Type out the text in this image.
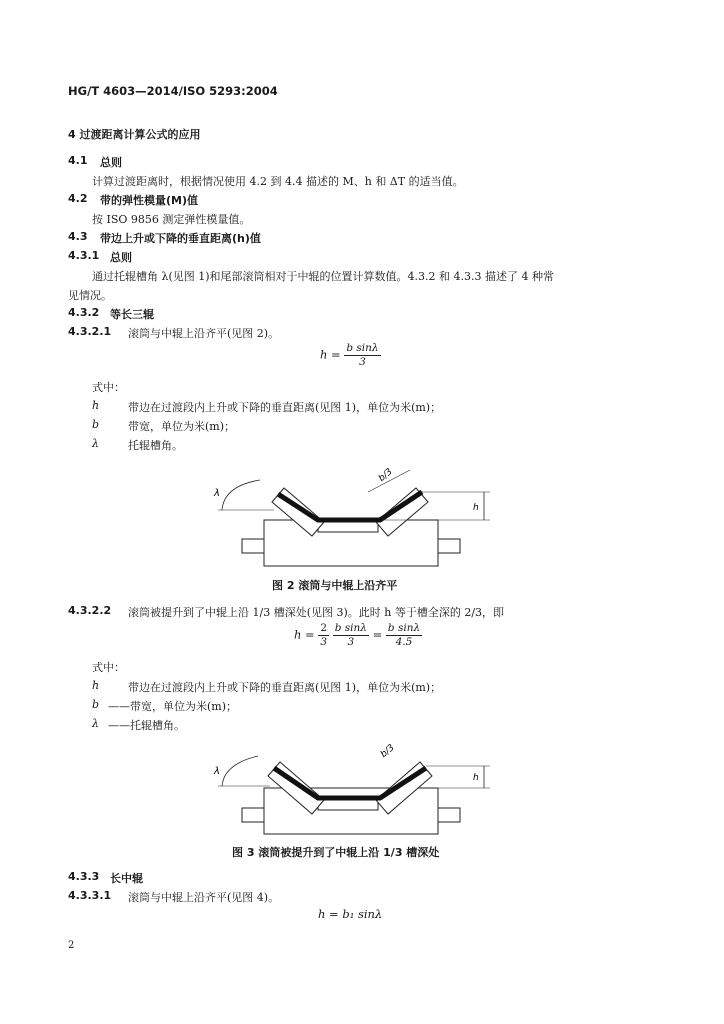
HG/T 4603—2014/ISO 5293:2004
4 过渡距离计算公式的应用
4.1 总则
计算过渡距离时，根据情况使用 4.2 到 4.4 描述的 M、h 和 ΔT 的适当值。
4.2 带的弹性模量(M)值
按 ISO 9856 测定弹性模量值。
4.3 带边上升或下降的垂直距离(h)值
4.3.1 总则
通过托辊槽角 λ(见图 1)和尾部滚筒相对于中辊的位置计算数值。4.3.2 和 4.3.3 描述了 4 种常
见情况。
4.3.2 等长三辊
4.3.2.1 滚筒与中辊上沿齐平(见图 2)。
$h = \frac{\text{b sinλ}}{3}$
式中：
h	带边在过渡段内上升或下降的垂直距离(见图 1)，单位为米(m)；
b	带宽，单位为米(m)；
λ	托辊槽角。
λ
b/3
h
图 2 滚筒与中辊上沿齐平
4.3.2.2 滚筒被提升到了中辊上沿 1/3 槽深处(见图 3)。此时 h 等于槽全深的 2/3，即
$h = \frac{2}{3}$
$\frac{\text{b sinλ}}{3} = \frac{\text{b sinλ}}{4.5}$
式中：
h	带边在过渡段内上升或下降的垂直距离(见图 1)，单位为米(m)；
b ——带宽，单位为米(m)；
λ ——托辊槽角。
λ
b/3
h
图 3 滚筒被提升到了中辊上沿 1/3 槽深处
4.3.3 长中辊
4.3.3.1 滚筒与中辊上沿齐平(见图 4)。
h = b₁ sinλ
2
